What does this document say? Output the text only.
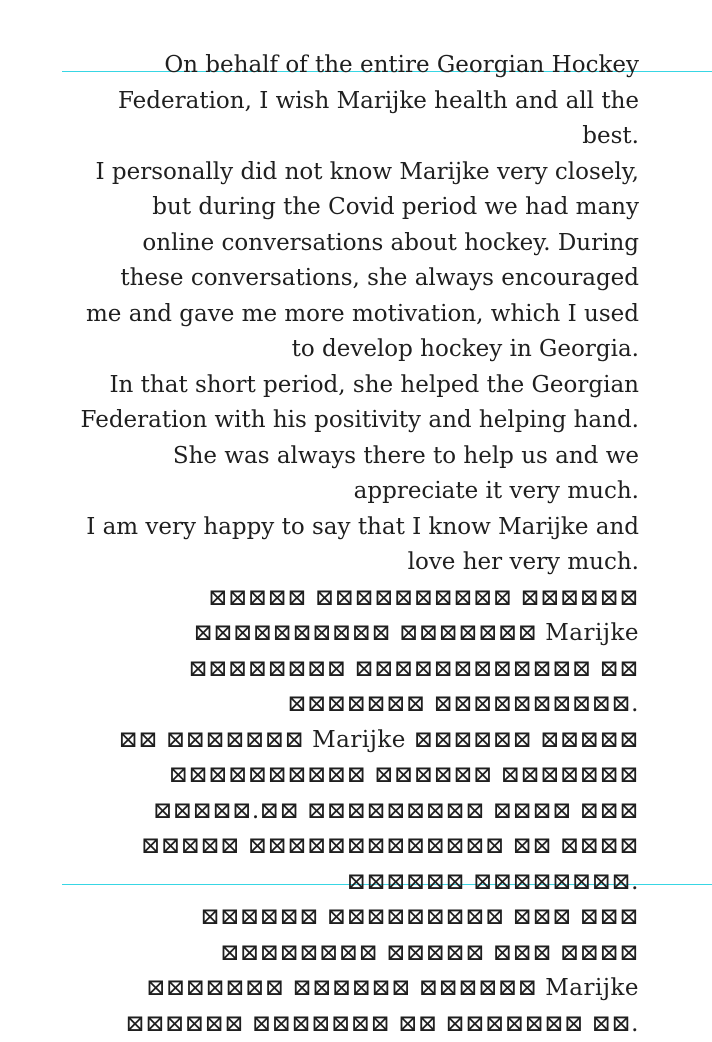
On behalf of the entire Georgian Hockey Federation, I wish Marijke health and all the best.

I personally did not know Marijke very closely, but during the Covid period we had many online conversations about hockey. During these conversations, she always encouraged me and gave me more motivation, which I used to develop hockey in Georgia.

In that short period, she helped the Georgian Federation with his positivity and helping hand. She was always there to help us and we appreciate it very much.

I am very happy to say that I know Marijke and love her very much.

⊠⊠⊠⊠⊠ ⊠⊠⊠⊠⊠⊠⊠⊠⊠⊠ ⊠⊠⊠⊠⊠⊠ ⊠⊠⊠⊠⊠⊠⊠⊠⊠⊠ ⊠⊠⊠⊠⊠⊠⊠ Marijke ⊠⊠⊠⊠⊠⊠⊠⊠ ⊠⊠⊠⊠⊠⊠⊠⊠⊠⊠⊠⊠ ⊠⊠ ⊠⊠⊠⊠⊠⊠⊠ ⊠⊠⊠⊠⊠⊠⊠⊠⊠⊠.

⊠⊠ ⊠⊠⊠⊠⊠⊠⊠ Marijke ⊠⊠⊠⊠⊠⊠ ⊠⊠⊠⊠⊠ ⊠⊠⊠⊠⊠⊠⊠⊠⊠⊠ ⊠⊠⊠⊠⊠⊠ ⊠⊠⊠⊠⊠⊠⊠ ⊠⊠⊠⊠⊠.⊠⊠ ⊠⊠⊠⊠⊠⊠⊠⊠⊠ ⊠⊠⊠⊠ ⊠⊠⊠ ⊠⊠⊠⊠⊠ ⊠⊠⊠⊠⊠⊠⊠⊠⊠⊠⊠⊠⊠ ⊠⊠ ⊠⊠⊠⊠ ⊠⊠⊠⊠⊠⊠ ⊠⊠⊠⊠⊠⊠⊠⊠.

⊠⊠⊠⊠⊠⊠ ⊠⊠⊠⊠⊠⊠⊠⊠⊠ ⊠⊠⊠ ⊠⊠⊠ ⊠⊠⊠⊠⊠⊠⊠⊠ ⊠⊠⊠⊠⊠ ⊠⊠⊠ ⊠⊠⊠⊠ ⊠⊠⊠⊠⊠⊠⊠ ⊠⊠⊠⊠⊠⊠ ⊠⊠⊠⊠⊠⊠ Marijke ⊠⊠⊠⊠⊠⊠ ⊠⊠⊠⊠⊠⊠⊠ ⊠⊠ ⊠⊠⊠⊠⊠⊠⊠ ⊠⊠.
